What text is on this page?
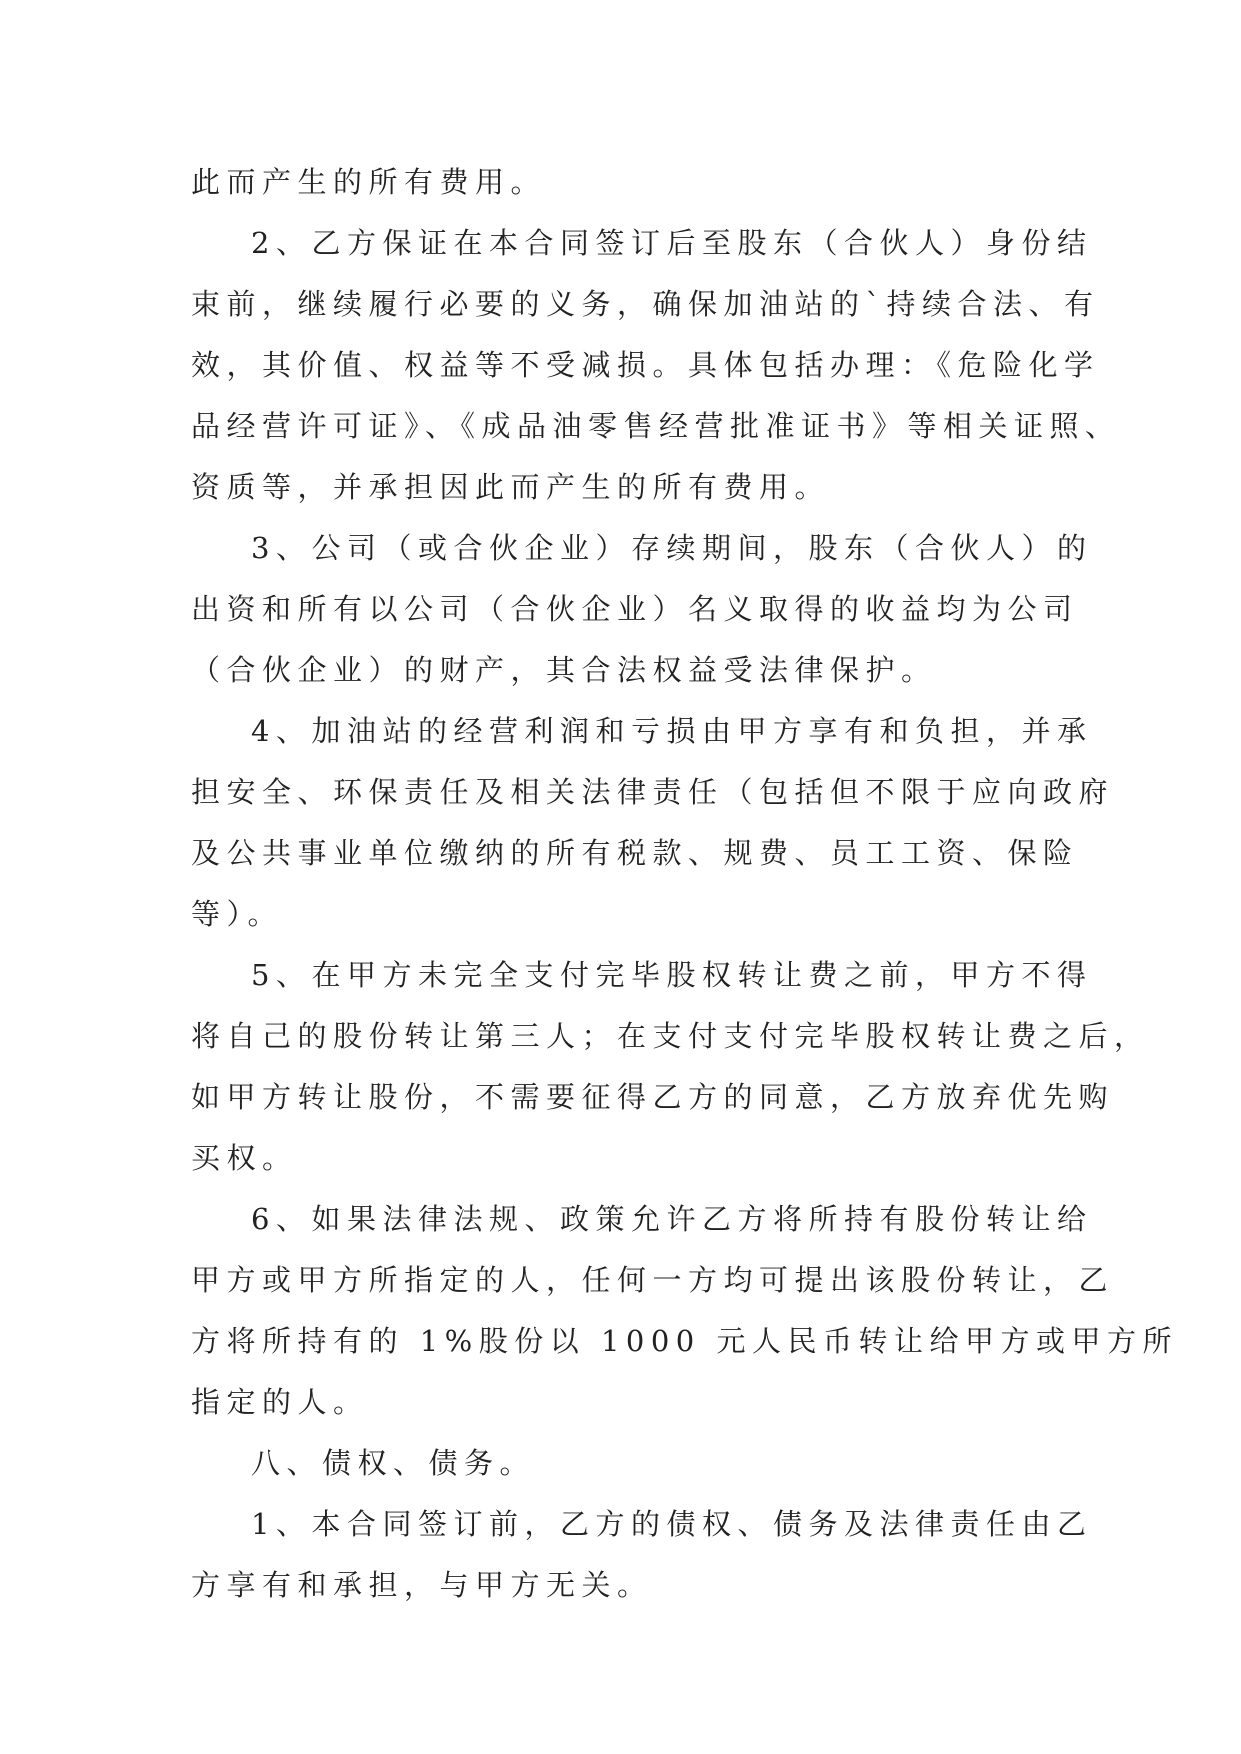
此而产生的所有费用。
2、乙方保证在本合同签订后至股东（合伙人）身份结
束前，继续履行必要的义务，确保加油站的`持续合法、有
效，其价值、权益等不受减损。具体包括办理：《危险化学
品经营许可证》、《成品油零售经营批准证书》等相关证照、
资质等，并承担因此而产生的所有费用。
3、公司（或合伙企业）存续期间，股东（合伙人）的
出资和所有以公司（合伙企业）名义取得的收益均为公司
（合伙企业）的财产，其合法权益受法律保护。
4、加油站的经营利润和亏损由甲方享有和负担，并承
担安全、环保责任及相关法律责任（包括但不限于应向政府
及公共事业单位缴纳的所有税款、规费、员工工资、保险
等）。
5、在甲方未完全支付完毕股权转让费之前，甲方不得
将自己的股份转让第三人；在支付支付完毕股权转让费之后，
如甲方转让股份，不需要征得乙方的同意，乙方放弃优先购
买权。
6、如果法律法规、政策允许乙方将所持有股份转让给
甲方或甲方所指定的人，任何一方均可提出该股份转让，乙
方将所持有的 1%股份以 1000 元人民币转让给甲方或甲方所
指定的人。
八、债权、债务。
1、本合同签订前，乙方的债权、债务及法律责任由乙
方享有和承担，与甲方无关。
